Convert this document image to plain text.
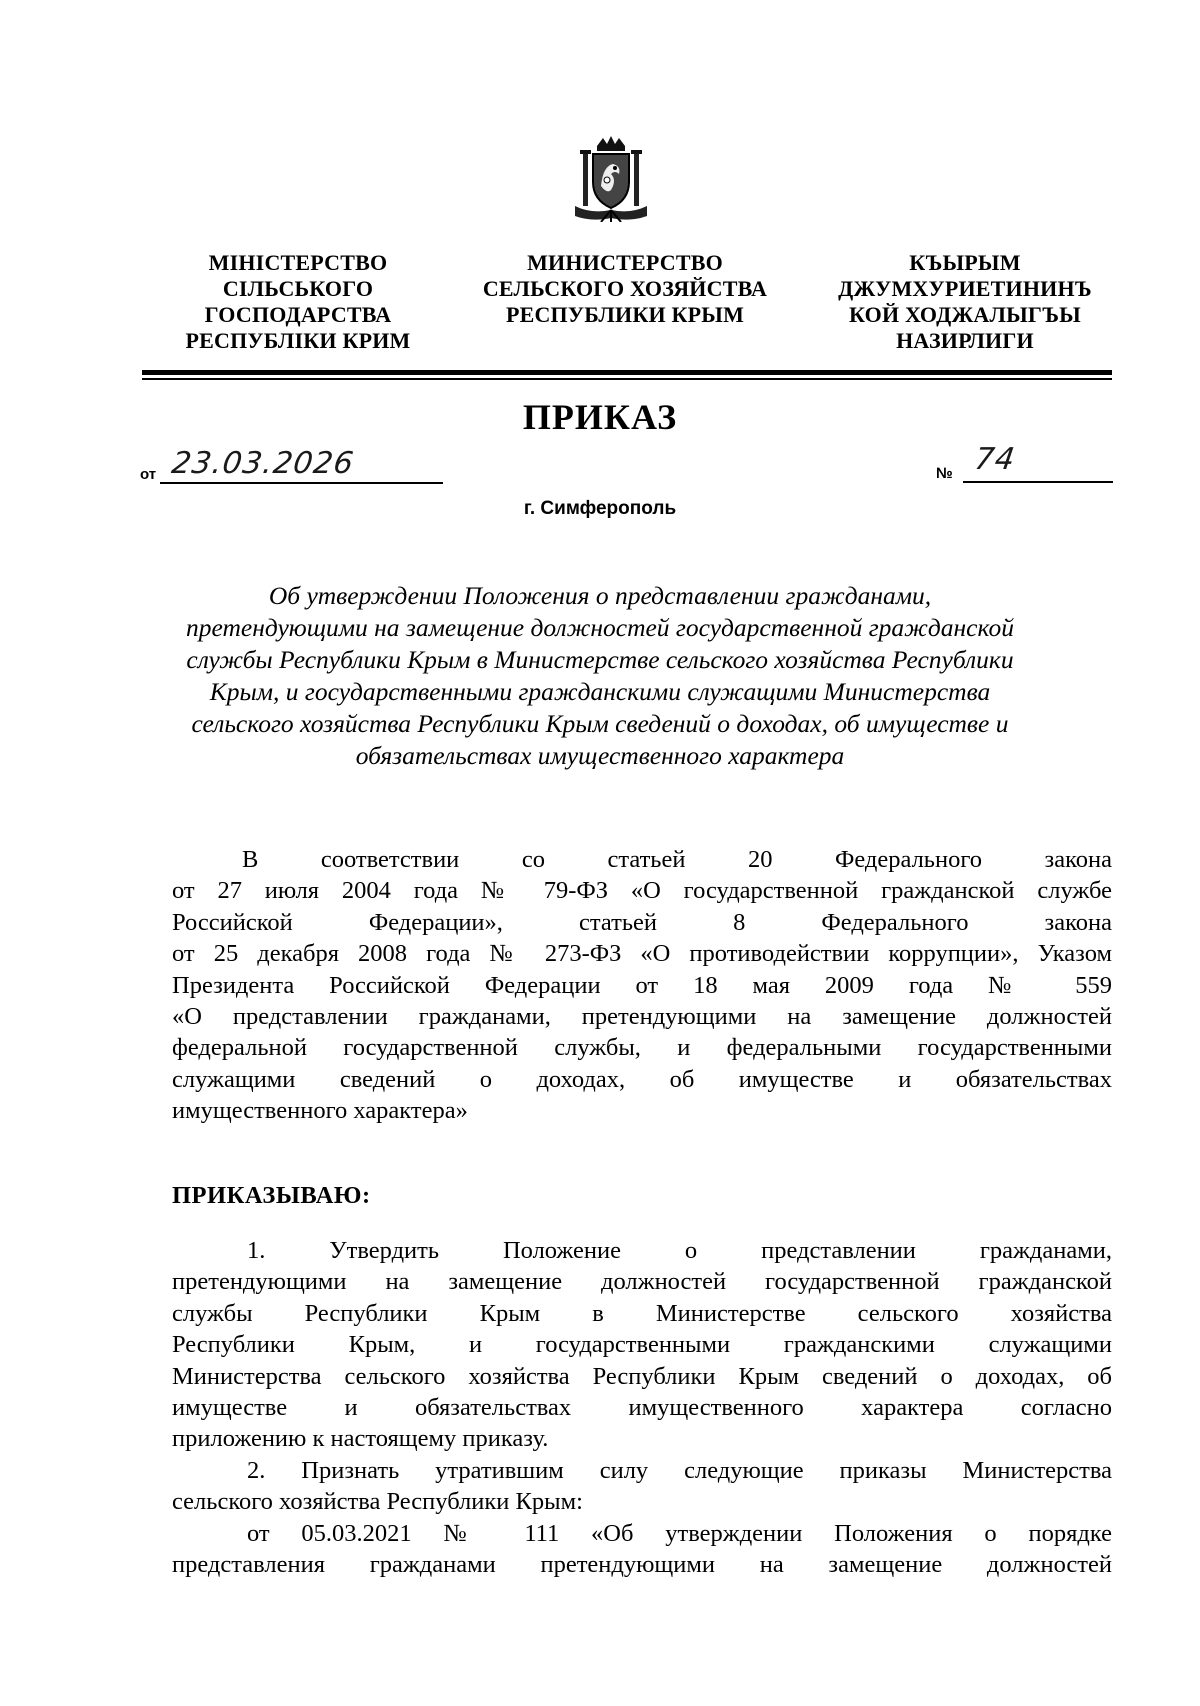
МІНІСТЕРСТВО
СІЛЬСЬКОГО
ГОСПОДАРСТВА
РЕСПУБЛІКИ КРИМ
МИНИСТЕРСТВО
СЕЛЬСКОГО ХОЗЯЙСТВА
РЕСПУБЛИКИ КРЫМ
КЪЫРЫМ
ДЖУМХУРИЕТИНИНЪ
КОЙ ХОДЖАЛЫГЪЫ
НАЗИРЛИГИ
ПРИКАЗ
от 23.03.2026	№ 74
г. Симферополь
Об утверждении Положения о представлении гражданами,
претендующими на замещение должностей государственной гражданской
службы Республики Крым в Министерстве сельского хозяйства Республики
Крым, и государственными гражданскими служащими Министерства
сельского хозяйства Республики Крым сведений о доходах, об имуществе и
обязательствах имущественного характера
В соответствии со статьей 20 Федерального закона
от 27 июля 2004 года № 79-ФЗ «О государственной гражданской службе
Российской Федерации», статьей 8 Федерального закона
от 25 декабря 2008 года № 273-ФЗ «О противодействии коррупции», Указом
Президента Российской Федерации от 18 мая 2009 года № 559
«О представлении гражданами, претендующими на замещение должностей
федеральной государственной службы, и федеральными государственными
служащими сведений о доходах, об имуществе и обязательствах
имущественного характера»
ПРИКАЗЫВАЮ:
1. Утвердить Положение о представлении гражданами,
претендующими на замещение должностей государственной гражданской
службы Республики Крым в Министерстве сельского хозяйства
Республики Крым, и государственными гражданскими служащими
Министерства сельского хозяйства Республики Крым сведений о доходах, об
имуществе и обязательствах имущественного характера согласно
приложению к настоящему приказу.
2. Признать утратившим силу следующие приказы Министерства
сельского хозяйства Республики Крым:
от 05.03.2021 № 111 «Об утверждении Положения о порядке
представления гражданами претендующими на замещение должностей
